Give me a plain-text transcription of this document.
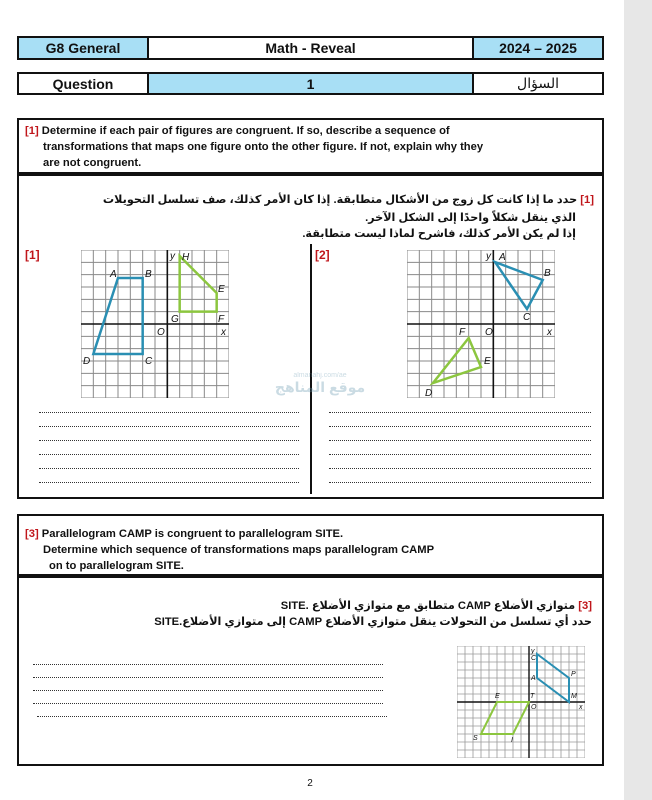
G8 General	Math - Reveal	2024 – 2025
Question	1	السؤال
[1] Determine if each pair of figures are congruent. If so, describe a sequence of
transformations that maps one figure onto the other figure. If not, explain why they
are not congruent.
[1] حدد ما إذا كانت كل زوج من الأشكال متطابقة. إذا كان الأمر كذلك، صف تسلسل التحويلات
الذي ينقل شكلاً واحدًا إلى الشكل الآخر.
إذا لم يكن الأمر كذلك، فاشرح لماذا ليست متطابقة.
[1]	[2]
A	B
C
D
E
F
G
H
O	x
y	A
B
C
D
E
F O	x
y
almanahj.com/ae
موقع المناهج
[3] Parallelogram CAMP is congruent to parallelogram SITE.
Determine which sequence of transformations maps parallelogram CAMP
on to parallelogram SITE.
[3] متوازي الأضلاع CAMP متطابق مع متوازي الأضلاع .SITE
حدد أي تسلسل من التحولات ينقل متوازي الأضلاع CAMP إلى متوازي الأضلاع.SITE
C
A
M
P
S	I
T
E
O	x
y
2
